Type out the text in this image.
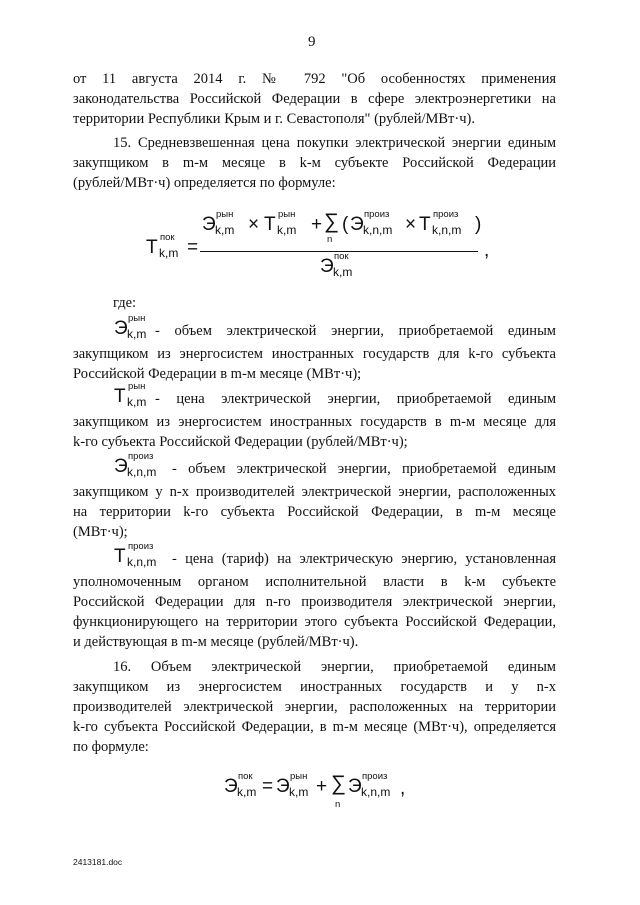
9
от 11 августа 2014 г. № 792 "Об особенностях применения
законодательства Российской Федерации в сфере электроэнергетики на
территории Республики Крым и г. Севастополя" (рублей/МВт·ч).
15. Средневзвешенная цена покупки электрической энергии единым
закупщиком в m-м месяце в k-м субъекте Российской Федерации
(рублей/МВт·ч) определяется по формуле:
Т пок
k,m =
Э рын
k,m × Т рын
k,m + ∑
n
( Э произ
k,n,m × Т произ
k,n,m )
,
Э пок
k,m
где:
Э рын
k,m - объем электрической энергии, приобретаемой единым
закупщиком из энергосистем иностранных государств для k-го субъекта
Российской Федерации в m-м месяце (МВт·ч);
Т рын
k,m - цена электрической энергии, приобретаемой единым
закупщиком из энергосистем иностранных государств в m-м месяце для
k-го субъекта Российской Федерации (рублей/МВт·ч);
Э произ
k,n,m - объем электрической энергии, приобретаемой единым
закупщиком у n-х производителей электрической энергии, расположенных
на территории k-го субъекта Российской Федерации, в m-м месяце
(МВт·ч);
Т произ
k,n,m - цена (тариф) на электрическую энергию, установленная
уполномоченным органом исполнительной власти в k-м субъекте
Российской Федерации для n-го производителя электрической энергии,
функционирующего на территории этого субъекта Российской Федерации,
и действующая в m-м месяце (рублей/МВт·ч).
16. Объем электрической энергии, приобретаемой единым
закупщиком из энергосистем иностранных государств и у n-х
производителей электрической энергии, расположенных на территории
k-го субъекта Российской Федерации, в m-м месяце (МВт·ч), определяется
по формуле:
Э пок
k,m = Э рын
k,m + ∑
n
Э произ
k,n,m ,
2413181.doc
